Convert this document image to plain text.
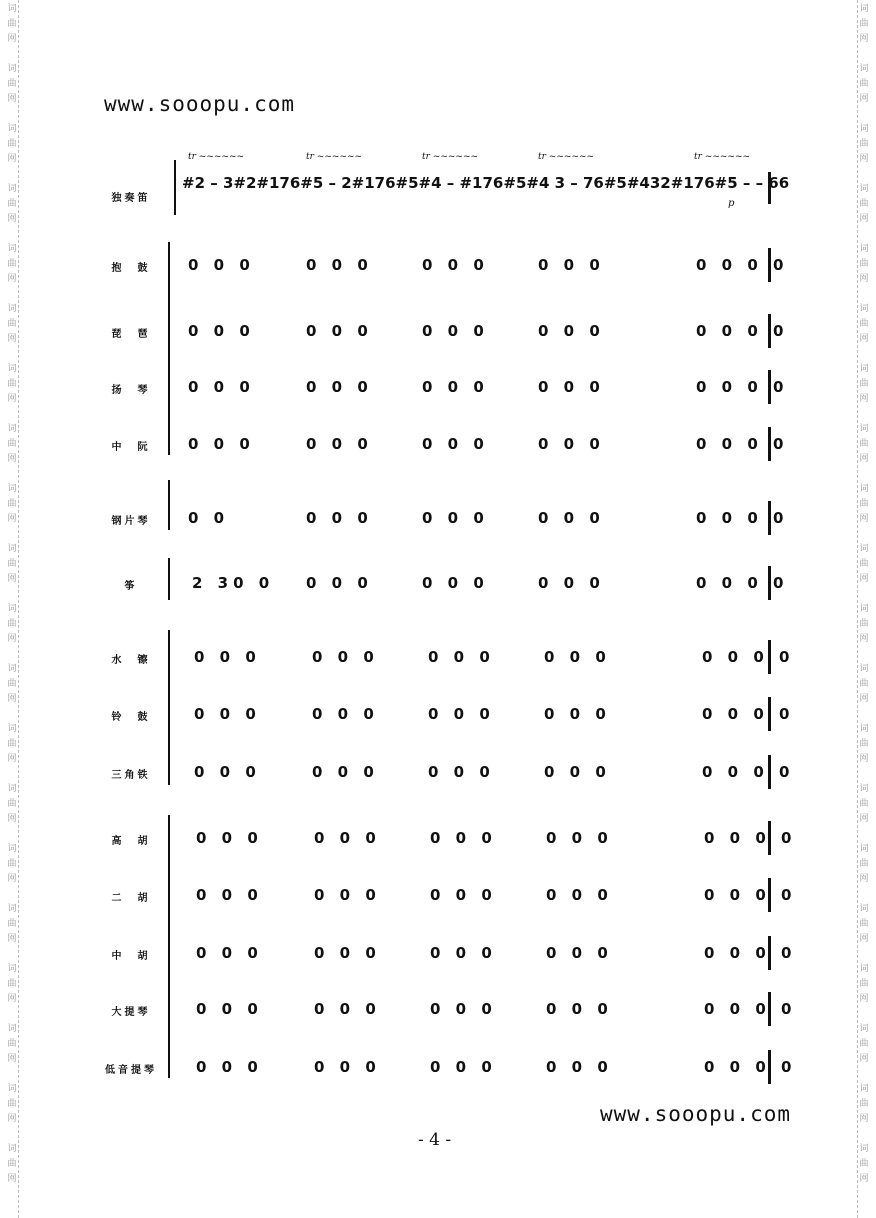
词
曲
网
词
曲
网
词
曲
网
词
曲
网
词
曲
网
词
曲
网
词
曲
网
词
曲
网
词
曲
网
词
曲
网
词
曲
网
词
曲
网
词
曲
网
词
曲
网
词
曲
网
词
曲
网
词
曲
网
词
曲
网
词
曲
网
词
曲
网
词
曲
网
词
曲
网
词
曲
网
词
曲
网
词
曲
网
词
曲
网
词
曲
网
词
曲
网
词
曲
网
词
曲
网
词
曲
网
词
曲
网
词
曲
网
词
曲
网
词
曲
网
词
曲
网
词
曲
网
词
曲
网
词
曲
网
词
曲
网
www.sooopu.com
www.sooopu.com
- 4 -
独奏笛
tr ~~~~~~	tr ~~~~~~	tr ~~~~~~	tr ~~~~~~	tr ~~~~~~
#2 – 3#2#176#5 – 2#176#5#4 – #176#5#4 3 – 76#5#432#176#5 – – 66
p
抱　鼓	0 0 0	0 0 0	0 0 0	0 0 0	0 0 0 0
琵　琶	0 0 0	0 0 0	0 0 0	0 0 0	0 0 0 0
扬　琴	0 0 0	0 0 0	0 0 0	0 0 0	0 0 0 0
中　阮	0 0 0	0 0 0	0 0 0	0 0 0	0 0 0 0
钢片琴	0 0	0 0 0	0 0 0	0 0 0	0 0 0 0
筝	2 30 0 0 0 0	0 0 0	0 0 0	0 0 0 0
水　镲	0 0 0	0 0 0	0 0 0	0 0 0	0 0 0 0
铃　鼓	0 0 0	0 0 0	0 0 0	0 0 0	0 0 0 0
三角铁	0 0 0	0 0 0	0 0 0	0 0 0	0 0 0 0
高　胡	0 0 0	0 0 0	0 0 0	0 0 0	0 0 0 0
二　胡	0 0 0	0 0 0	0 0 0	0 0 0	0 0 0 0
中　胡	0 0 0	0 0 0	0 0 0	0 0 0	0 0 0 0
大提琴	0 0 0	0 0 0	0 0 0	0 0 0	0 0 0 0
低音提琴	0 0 0	0 0 0	0 0 0	0 0 0	0 0 0 0
